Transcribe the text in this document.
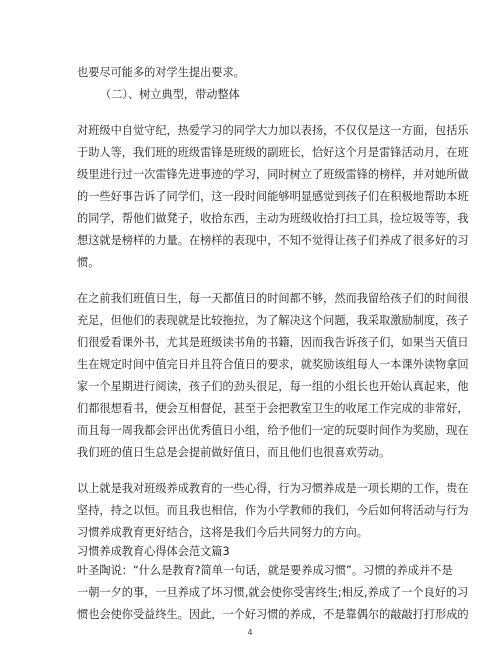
也要尽可能多的对学生提出要求。
（二）、树立典型，带动整体
对班级中自觉守纪，热爱学习的同学大力加以表扬，不仅仅是这一方面，包括乐
于助人等，我们班的班级雷锋是班级的副班长，恰好这个月是雷锋活动月，在班
级里进行过一次雷锋先进事迹的学习，同时树立了班级雷锋的榜样，并对她所做
的一些好事告诉了同学们，这一段时间能够明显感觉到孩子们在积极地帮助本班
的同学，帮他们做凳子，收拾东西，主动为班级收拾打扫工具，捡垃圾等等，我
想这就是榜样的力量。在榜样的表现中，不知不觉得让孩子们养成了很多好的习
惯。
在之前我们班值日生，每一天都值日的时间都不够，然而我留给孩子们的时间很
充足，但他们的表现就是比较拖拉，为了解决这个问题，我采取激励制度，孩子
们很爱看课外书，尤其是班级读书角的书籍，因而我告诉孩子们，如果当天值日
生在规定时间中值完日并且符合值日的要求，就奖励该组每人一本课外读物拿回
家一个星期进行阅读，孩子们的劲头很足，每一组的小组长也开始认真起来，他
们都很想看书，便会互相督促，甚至于会把教室卫生的收尾工作完成的非常好，
而且每一周我都会评出优秀值日小组，给予他们一定的玩耍时间作为奖励，现在
我们班的值日生总是会提前做好值日，而且他们也很喜欢劳动。
以上就是我对班级养成教育的一些心得，行为习惯养成是一项长期的工作，贵在
坚持，持之以恒。而且我也相信，作为小学教师的我们，今后如何将活动与行为
习惯养成教育更好结合，这将是我们今后共同努力的方向。
习惯养成教育心得体会范文篇3
叶圣陶说：“什么是教育?简单一句话，就是要养成习惯”。习惯的养成并不是
一朝一夕的事，一旦养成了坏习惯,就会使你受害终生;相反,养成了一个良好的习
惯也会使你受益终生。因此，一个好习惯的养成，不是靠偶尔的敲敲打打形成的
4
